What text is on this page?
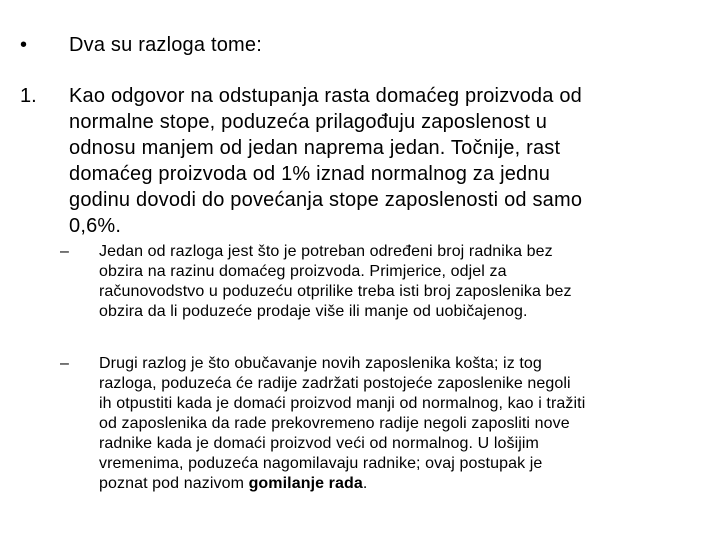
• Dva su razloga tome:
1. Kao odgovor na odstupanja rasta domaćeg proizvoda od
normalne stope, poduzeća prilagođuju zaposlenost u
odnosu manjem od jedan naprema jedan. Točnije, rast
domaćeg proizvoda od 1% iznad normalnog za jednu
godinu dovodi do povećanja stope zaposlenosti od samo
0,6%.
– Jedan od razloga jest što je potreban određeni broj radnika bez
obzira na razinu domaćeg proizvoda. Primjerice, odjel za
računovodstvo u poduzeću otprilike treba isti broj zaposlenika bez
obzira da li poduzeće prodaje više ili manje od uobičajenog.
– Drugi razlog je što obučavanje novih zaposlenika košta; iz tog
razloga, poduzeća će radije zadržati postojeće zaposlenike negoli
ih otpustiti kada je domaći proizvod manji od normalnog, kao i tražiti
od zaposlenika da rade prekovremeno radije negoli zaposliti nove
radnike kada je domaći proizvod veći od normalnog. U lošijim
vremenima, poduzeća nagomilavaju radnike; ovaj postupak je
poznat pod nazivom gomilanje rada.
